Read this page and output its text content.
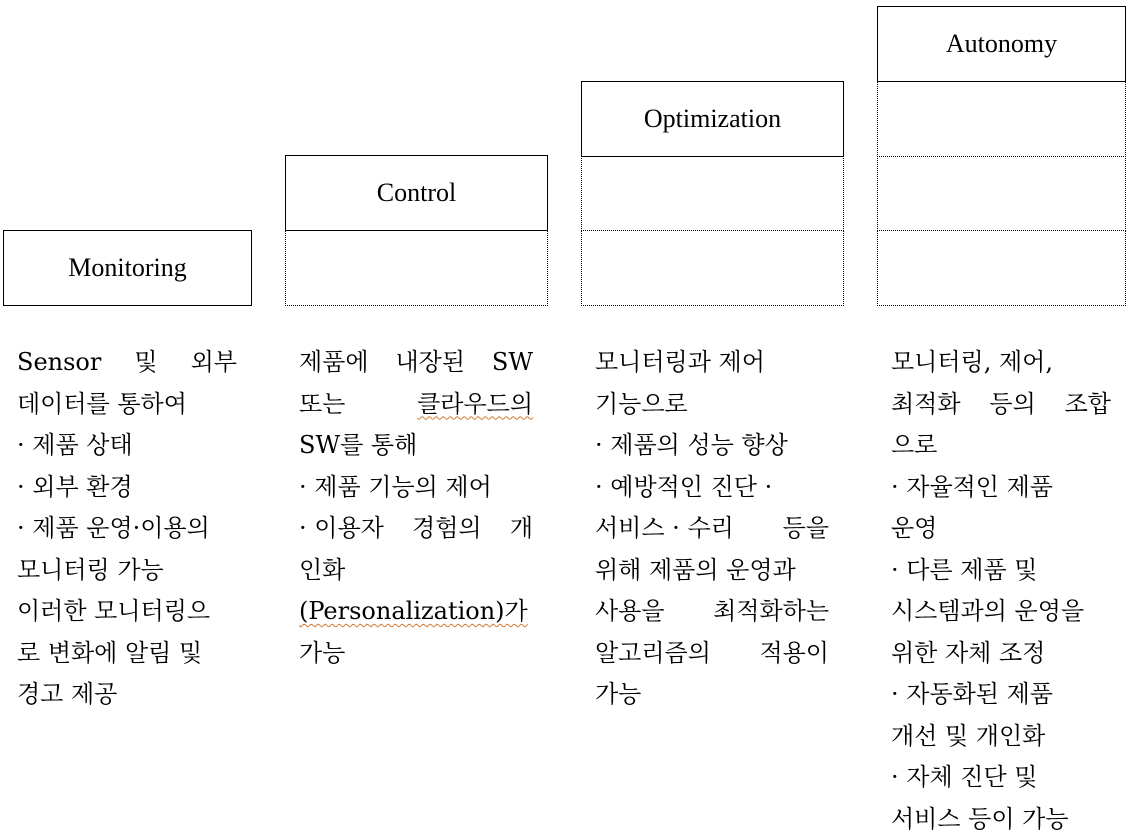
Monitoring
Control
Optimization
Autonomy
Sensor 및 외부
데이터를 통하여
· 제품 상태
· 외부 환경
· 제품 운영·이용의
모니터링 가능
이러한 모니터링으
로 변화에 알림 및
경고 제공
제품에 내장된 SW
또는	클라우드의
SW를 통해
· 제품 기능의 제어
· 이용자 경험의 개
인화
(Personalization)가
가능
모니터링과 제어
기능으로
· 제품의 성능 향상
· 예방적인 진단 ·
서비스 · 수리 등을
위해 제품의 운영과
사용을 최적화하는
알고리즘의 적용이
가능
모니터링, 제어,
최적화 등의 조합
으로
· 자율적인 제품
운영
· 다른 제품 및
시스템과의 운영을
위한 자체 조정
· 자동화된 제품
개선 및 개인화
· 자체 진단 및
서비스 등이 가능
